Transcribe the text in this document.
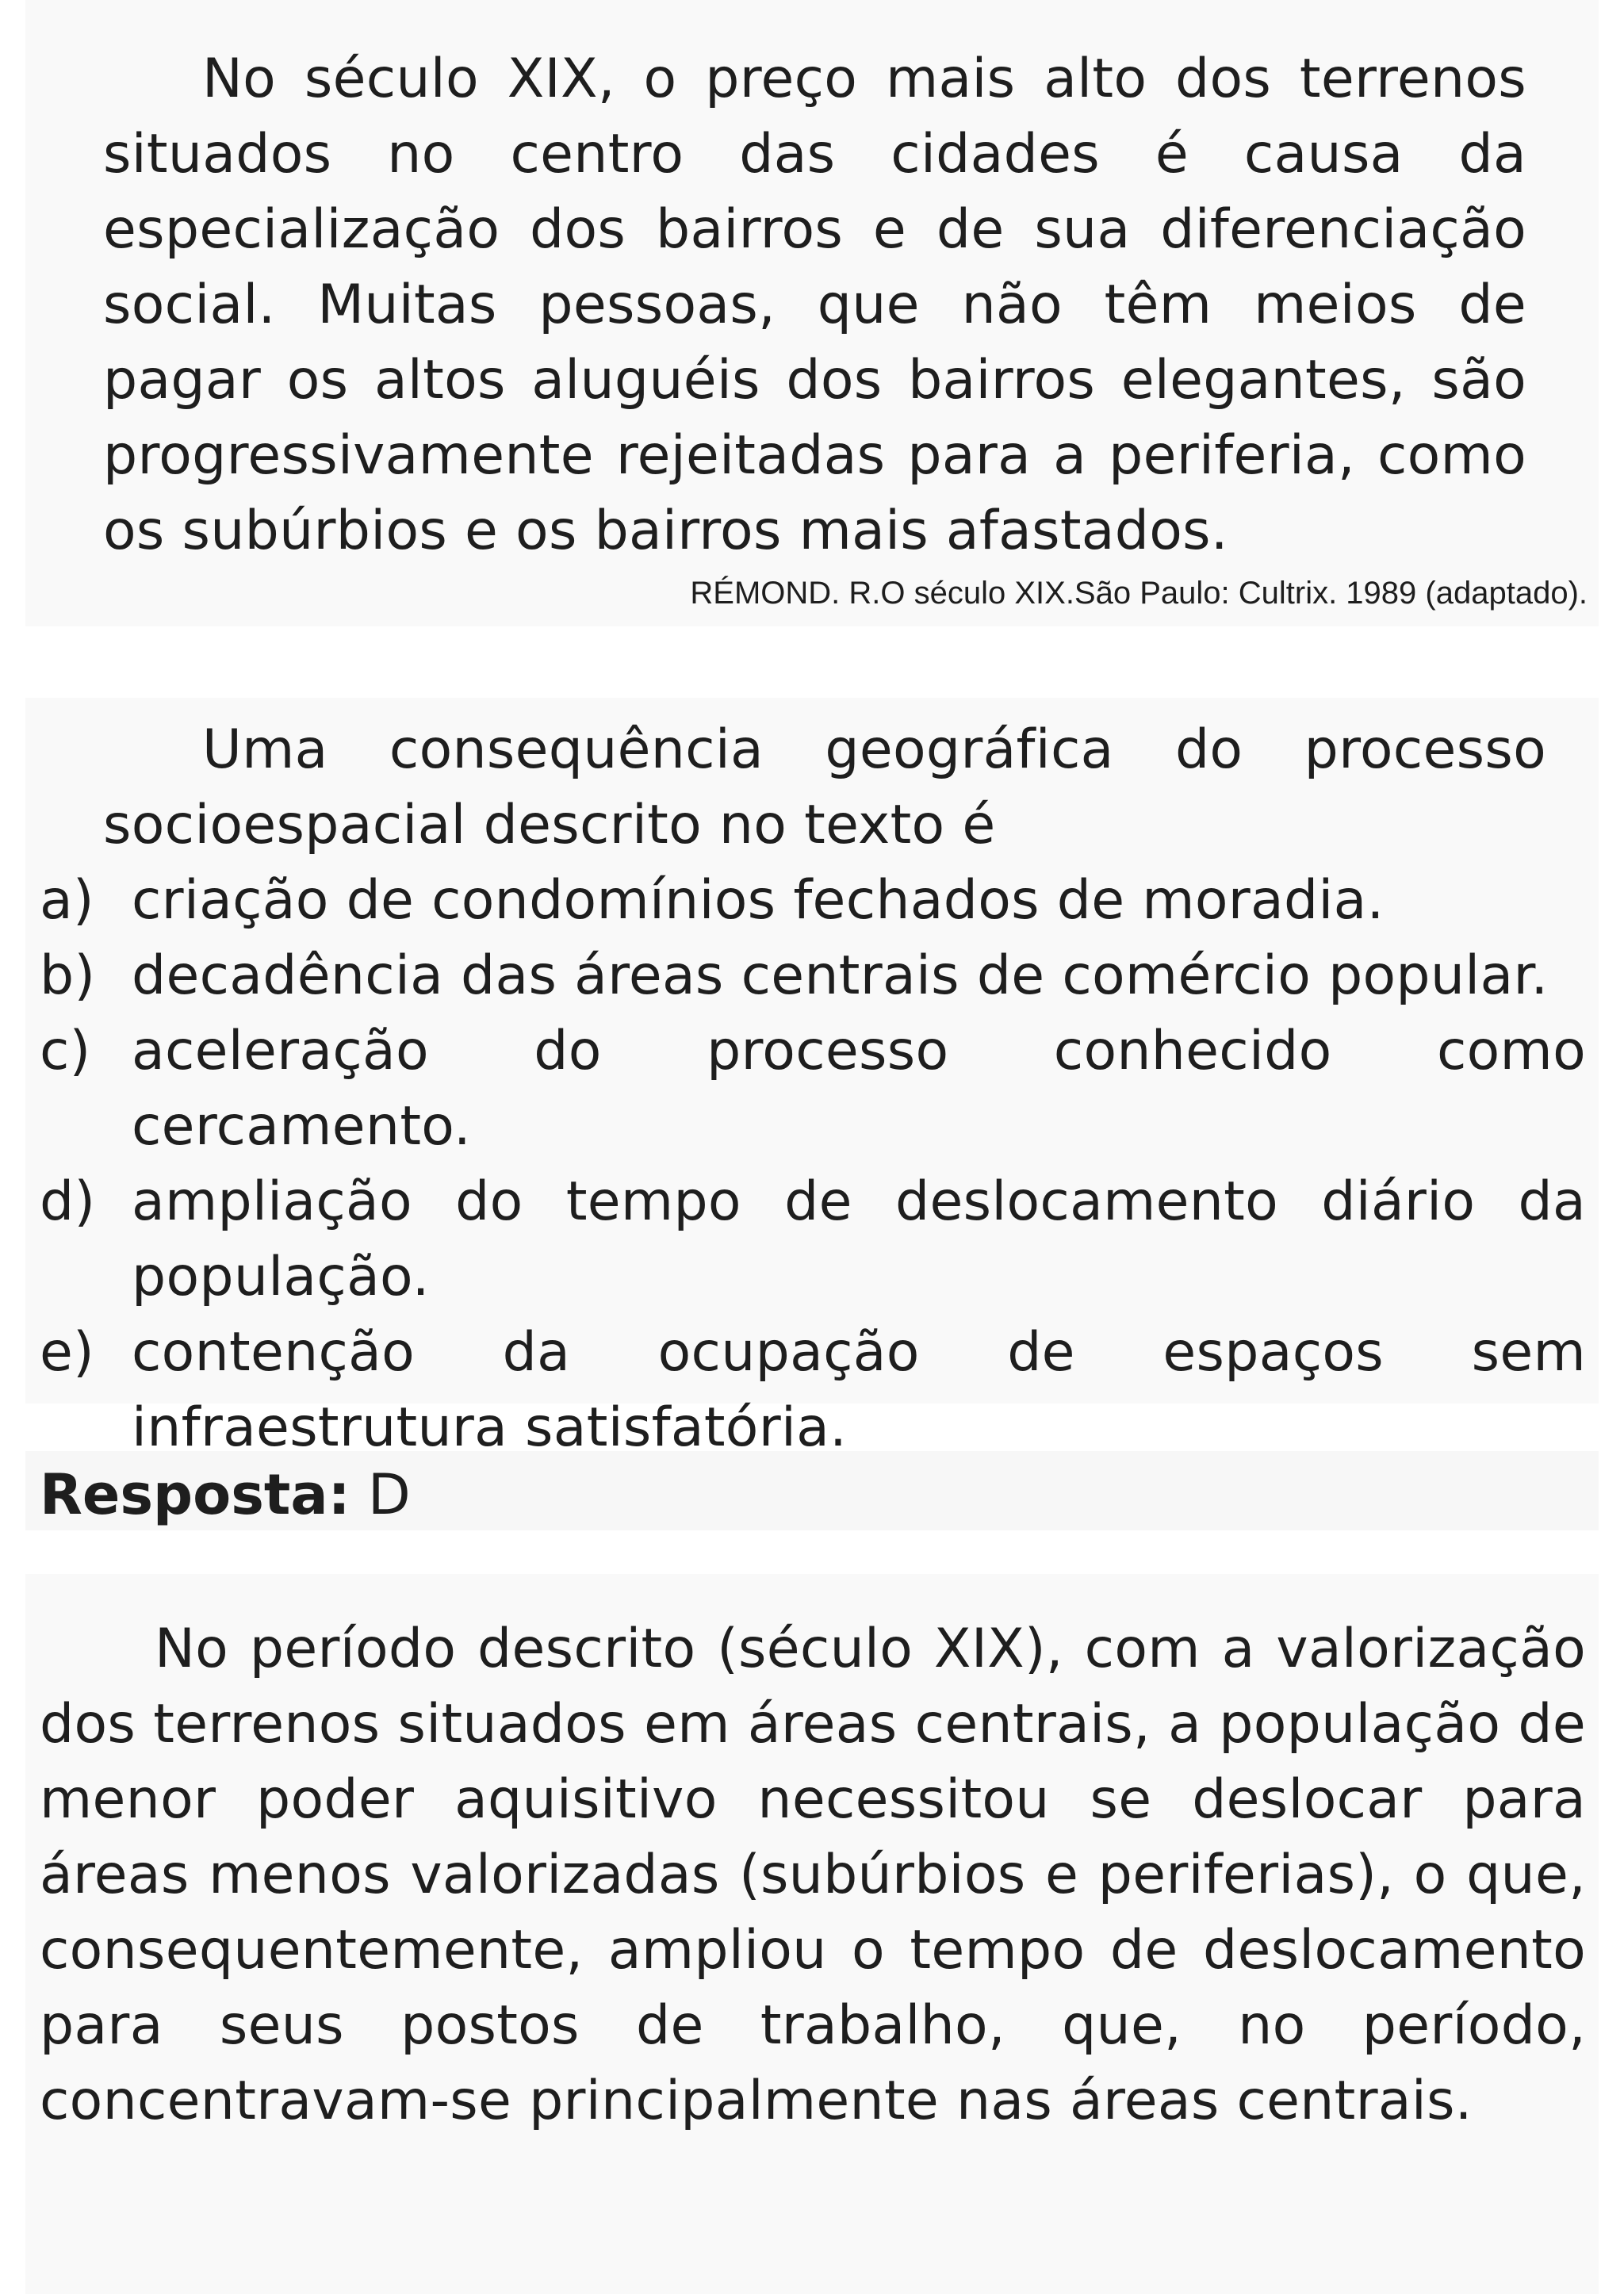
No século XIX, o preço mais alto dos terrenos situados no centro das cidades é causa da especialização dos bairros e de sua diferenciação social. Muitas pessoas, que não têm meios de pagar os altos aluguéis dos bairros elegantes, são progressivamente rejeitadas para a periferia, como os subúrbios e os bairros mais afastados.

RÉMOND. R.O século XIX.São Paulo: Cultrix. 1989 (adaptado).

Uma consequência geográfica do processo socioespacial descrito no texto é

a) criação de condomínios fechados de moradia.
b) decadência das áreas centrais de comércio popular.
c) aceleração do processo conhecido como cercamento.
d) ampliação do tempo de deslocamento diário da população.
e) contenção da ocupação de espaços sem infraestrutura satisfatória.
Resposta: D

No período descrito (século XIX), com a valorização dos terrenos situados em áreas centrais, a população de menor poder aquisitivo necessitou se deslocar para áreas menos valorizadas (subúrbios e periferias), o que, consequentemente, ampliou o tempo de deslocamento para seus postos de trabalho, que, no período, concentravam-se principalmente nas áreas centrais.
